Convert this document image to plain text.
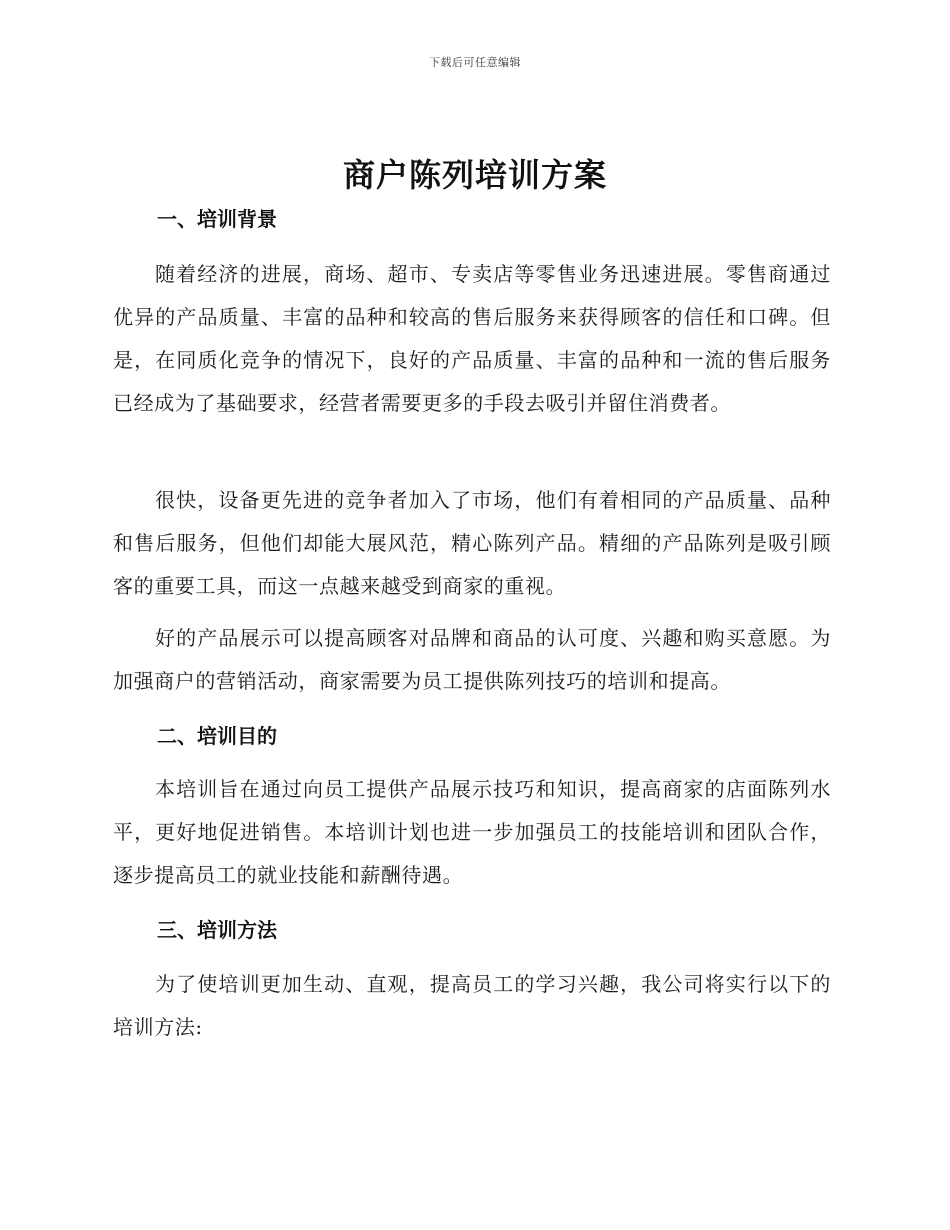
下载后可任意编辑
商户陈列培训方案
一、培训背景

随着经济的进展，商场、超市、专卖店等零售业务迅速进展。零售商通过优异的产品质量、丰富的品种和较高的售后服务来获得顾客的信任和口碑。但是，在同质化竞争的情况下，良好的产品质量、丰富的品种和一流的售后服务已经成为了基础要求，经营者需要更多的手段去吸引并留住消费者。

很快，设备更先进的竞争者加入了市场，他们有着相同的产品质量、品种和售后服务，但他们却能大展风范，精心陈列产品。精细的产品陈列是吸引顾客的重要工具，而这一点越来越受到商家的重视。

好的产品展示可以提高顾客对品牌和商品的认可度、兴趣和购买意愿。为加强商户的营销活动，商家需要为员工提供陈列技巧的培训和提高。

二、培训目的

本培训旨在通过向员工提供产品展示技巧和知识，提高商家的店面陈列水平，更好地促进销售。本培训计划也进一步加强员工的技能培训和团队合作，逐步提高员工的就业技能和薪酬待遇。

三、培训方法

为了使培训更加生动、直观，提高员工的学习兴趣，我公司将实行以下的培训方法:
